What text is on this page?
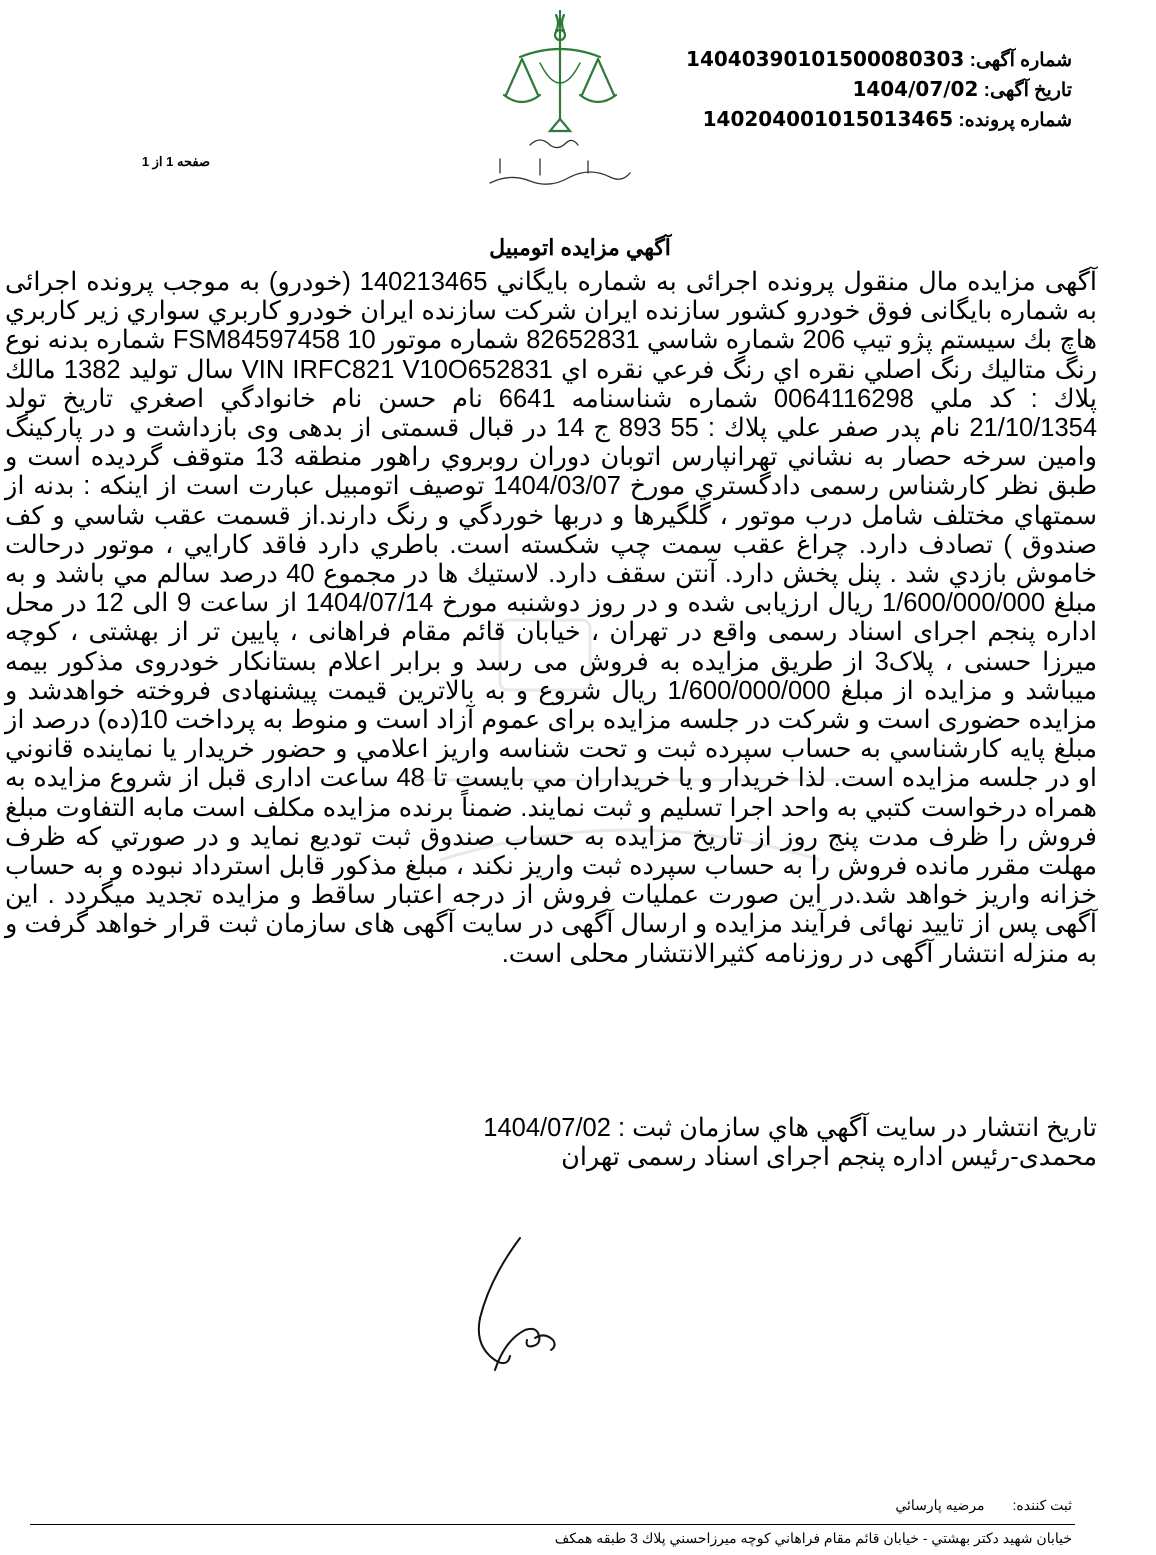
شماره آگهی: 14040390101500080303
تاریخ آگهی: 1404/07/02
شماره پرونده: 140204001015013465
صفحه 1 از 1
آگهي مزايده اتومبيل

آگهی مزایده مال منقول پرونده اجرائی به شماره بایگاني 140213465 (خودرو) به موجب پرونده اجرائی به شماره بایگانی فوق خودرو کشور سازنده ایران شرکت سازنده ایران خودرو کاربري سواري زير كاربري هاچ بك سيستم پژو تيپ 206 شماره شاسي 82652831 شماره موتور 10 FSM84597458 شماره بدنه نوع رنگ متاليك رنگ اصلي نقره اي رنگ فرعي نقره اي VIN IRFC821 V10O652831 سال توليد 1382 مالك پلاك : كد ملي 0064116298 شماره شناسنامه 6641 نام حسن نام خانوادگي اصغري تاريخ تولد 21/10/1354 نام پدر صفر علي پلاك : 55 893 ج 14 در قبال قسمتی از بدهی وی بازداشت و در پارکینگ وامین سرخه حصار به نشاني تهرانپارس اتوبان دوران روبروي راهور منطقه 13 متوقف گرديده است و طبق نظر كارشناس رسمی دادگستري مورخ 1404/03/07 توصيف اتومبيل عبارت است از اينكه : بدنه از سمتهاي مختلف شامل درب موتور ، گلگيرها و دربها خوردگي و رنگ دارند.از قسمت عقب شاسي و كف صندوق ) تصادف دارد. چراغ عقب سمت چپ شكسته است. باطري دارد فاقد كارايي ، موتور درحالت خاموش بازدي شد . پنل پخش دارد. آنتن سقف دارد. لاستيك ها در مجموع 40 درصد سالم مي باشد و به مبلغ 1/600/000/000 ريال ارزيابی شده و در روز دوشنبه مورخ 1404/07/14 از ساعت 9 الی 12 در محل اداره پنجم اجرای اسناد رسمی واقع در تهران ، خیابان قائم مقام فراهانی ، پایین تر از بهشتی ، کوچه میرزا حسنی ، پلاک3 از طریق مزایده به فروش می رسد و برابر اعلام بستانكار خودروی مذکور بیمه میباشد و مزايده از مبلغ 1/600/000/000 ريال شروع و به بالاترين قيمت پيشنهادی فروخته خواهدشد و مزایده حضوری است و شرکت در جلسه مزایده برای عموم آزاد است و منوط به پرداخت 10(ده) درصد از مبلغ پايه كارشناسي به حساب سپرده ثبت و تحت شناسه واريز اعلامي و حضور خريدار يا نماينده قانوني او در جلسه مزايده است. لذا خريدار و يا خريداران مي بايست تا 48 ساعت اداری قبل از شروع مزایده به همراه درخواست كتبي به واحد اجرا تسليم و ثبت نمايند. ضمناً برنده مزايده مكلف است مابه التفاوت مبلغ فروش را ظرف مدت پنج روز از تاريخ مزايده به حساب صندوق ثبت توديع نمايد و در صورتي كه ظرف مهلت مقرر مانده فروش را به حساب سپرده ثبت واريز نكند ، مبلغ مذكور قابل استرداد نبوده و به حساب خزانه واريز خواهد شد.در این صورت عملیات فروش از درجه اعتبار ساقط و مزایده تجدید میگردد . این آگهی پس از تایید نهائی فرآیند مزایده و ارسال آگهی در سایت آگهی های سازمان ثبت قرار خواهد گرفت و به منزله انتشار آگهی در روزنامه كثيرالانتشار محلی است.

تاريخ انتشار در سايت آگهي هاي سازمان ثبت : 1404/07/02
محمدی-رئیس اداره پنجم اجرای اسناد رسمی تهران
ثبت كننده:مرضيه پارسائي
خيابان شهيد دكتر بهشتي - خيابان قائم مقام فراهاني كوچه ميرزاحسني پلاك 3 طبقه همكف
